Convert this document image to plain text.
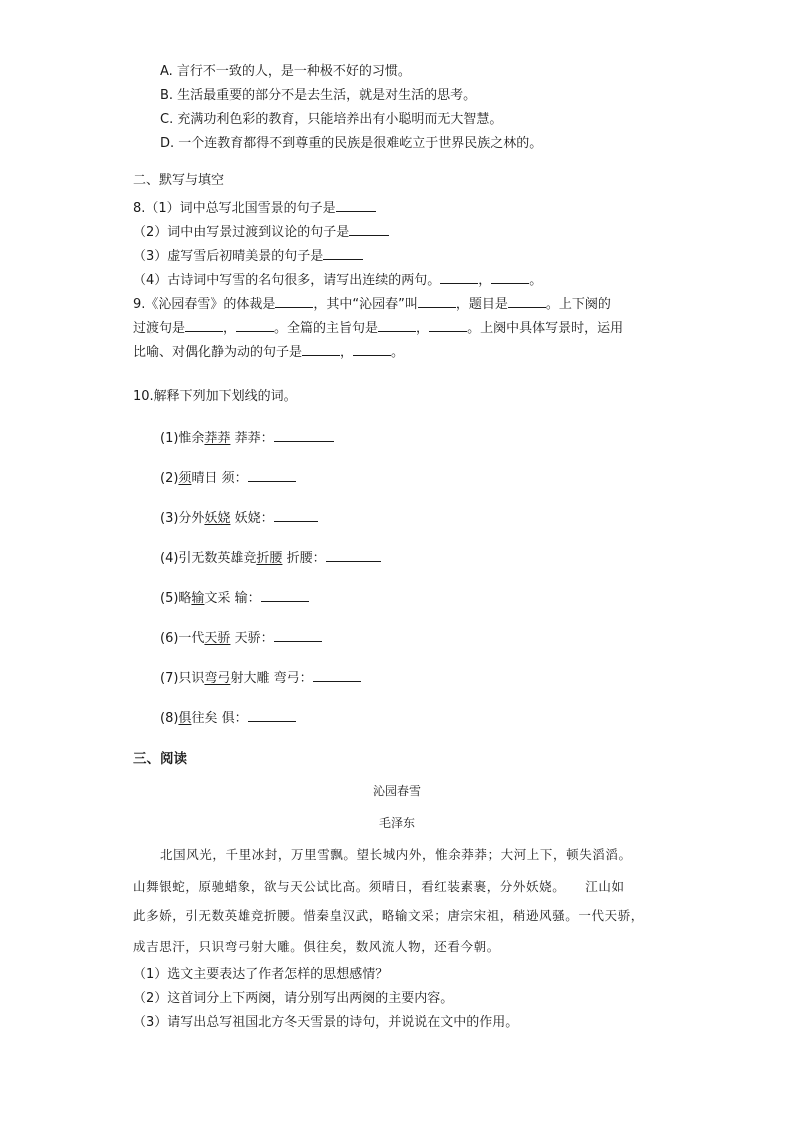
A. 言行不一致的人，是一种极不好的习惯。
B. 生活最重要的部分不是去生活，就是对生活的思考。
C. 充满功利色彩的教育，只能培养出有小聪明而无大智慧。
D. 一个连教育都得不到尊重的民族是很难屹立于世界民族之林的。
二、默写与填空
8.（1）词中总写北国雪景的句子是
（2）词中由写景过渡到议论的句子是
（3）虚写雪后初晴美景的句子是
（4）古诗词中写雪的名句很多，请写出连续的两句。	，	。
9.《沁园春雪》的体裁是	，其中“沁园春”叫	，题目是	。上下阕的
过渡句是	，	。全篇的主旨句是	，	。上阕中具体写景时，运用
比喻、对偶化静为动的句子是	，	。
10.解释下列加下划线的词。
(1)惟余莽莽 莽莽：
(2)须晴日 须：
(3)分外妖娆 妖娆：
(4)引无数英雄竞折腰 折腰：
(5)略输文采 输：
(6)一代天骄 天骄：
(7)只识弯弓射大雕 弯弓：
(8)俱往矣 俱：
三、阅读
沁园春雪
毛泽东
北国风光，千里冰封，万里雪飘。望长城内外，惟余莽莽；大河上下，顿失滔滔。
山舞银蛇，原驰蜡象，欲与天公试比高。须晴日，看红装素裹，分外妖娆。　　江山如
此多娇，引无数英雄竞折腰。惜秦皇汉武，略输文采；唐宗宋祖，稍逊风骚。一代天骄，
成吉思汗，只识弯弓射大雕。俱往矣，数风流人物，还看今朝。
（1）选文主要表达了作者怎样的思想感情？
（2）这首词分上下两阕，请分别写出两阕的主要内容。
（3）请写出总写祖国北方冬天雪景的诗句，并说说在文中的作用。
